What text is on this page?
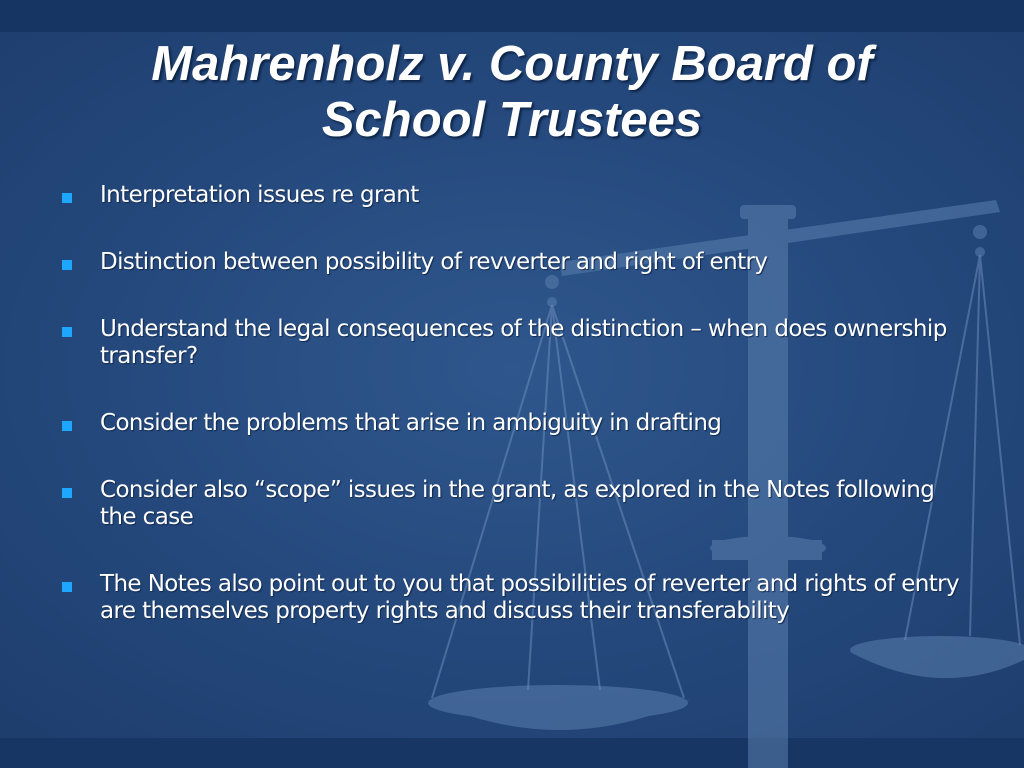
Mahrenholz v. County Board of
School Trustees
Interpretation issues re grant
Distinction between possibility of revverter and right of entry
Understand the legal consequences of the distinction – when does ownership transfer?
Consider the problems that arise in ambiguity in drafting
Consider also “scope” issues in the grant, as explored in the Notes following the case
The Notes also point out to you that possibilities of reverter and rights of entry are themselves property rights and discuss their transferability
